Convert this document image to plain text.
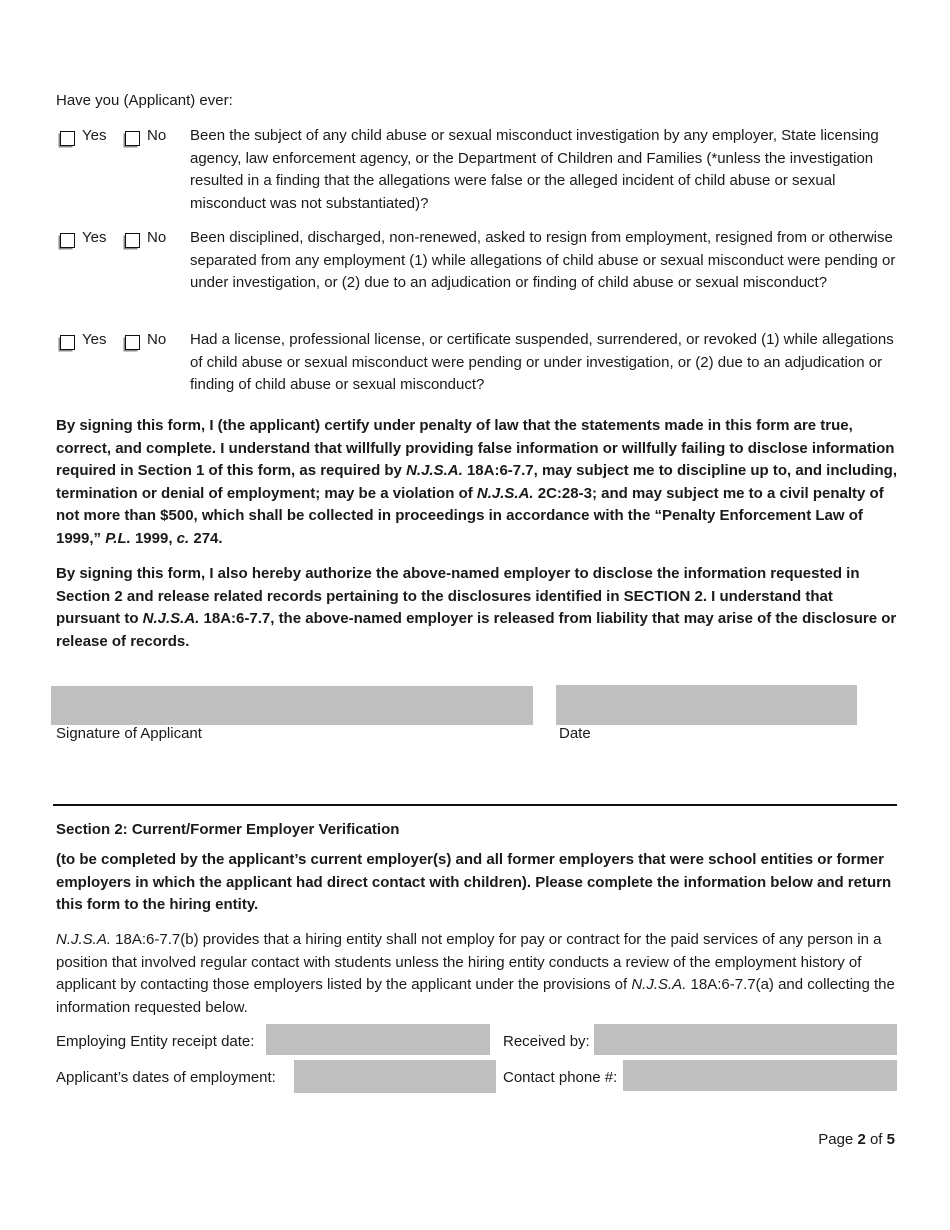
Have you (Applicant) ever:
Yes	No Been the subject of any child abuse or sexual misconduct investigation by any employer, State licensing agency, law enforcement agency, or the Department of Children and Families (*unless the investigation resulted in a finding that the allegations were false or the alleged incident of child abuse or sexual misconduct was not substantiated)?
Yes	No Been disciplined, discharged, non-renewed, asked to resign from employment, resigned from or otherwise separated from any employment (1) while allegations of child abuse or sexual misconduct were pending or under investigation, or (2) due to an adjudication or finding of child abuse or sexual misconduct?
Yes	No Had a license, professional license, or certificate suspended, surrendered, or revoked (1) while allegations of child abuse or sexual misconduct were pending or under investigation, or (2) due to an adjudication or finding of child abuse or sexual misconduct?
By signing this form, I (the applicant) certify under penalty of law that the statements made in this form are true, correct, and complete. I understand that willfully providing false information or willfully failing to disclose information required in Section 1 of this form, as required by N.J.S.A. 18A:6-7.7, may subject me to discipline up to, and including, termination or denial of employment; may be a violation of N.J.S.A. 2C:28-3; and may subject me to a civil penalty of not more than $500, which shall be collected in proceedings in accordance with the “Penalty Enforcement Law of 1999,” P.L. 1999, c. 274.
By signing this form, I also hereby authorize the above-named employer to disclose the information requested in Section 2 and release related records pertaining to the disclosures identified in SECTION 2. I understand that pursuant to N.J.S.A. 18A:6-7.7, the above-named employer is released from liability that may arise of the disclosure or release of records.
Signature of Applicant	Date
Section 2: Current/Former Employer Verification
(to be completed by the applicant’s current employer(s) and all former employers that were school entities or former employers in which the applicant had direct contact with children). Please complete the information below and return this form to the hiring entity.
N.J.S.A. 18A:6-7.7(b) provides that a hiring entity shall not employ for pay or contract for the paid services of any person in a position that involved regular contact with students unless the hiring entity conducts a review of the employment history of applicant by contacting those employers listed by the applicant under the provisions of N.J.S.A. 18A:6-7.7(a) and collecting the information requested below.
Employing Entity receipt date:	Received by:
Applicant’s dates of employment:	Contact phone #:
Page 2 of 5
